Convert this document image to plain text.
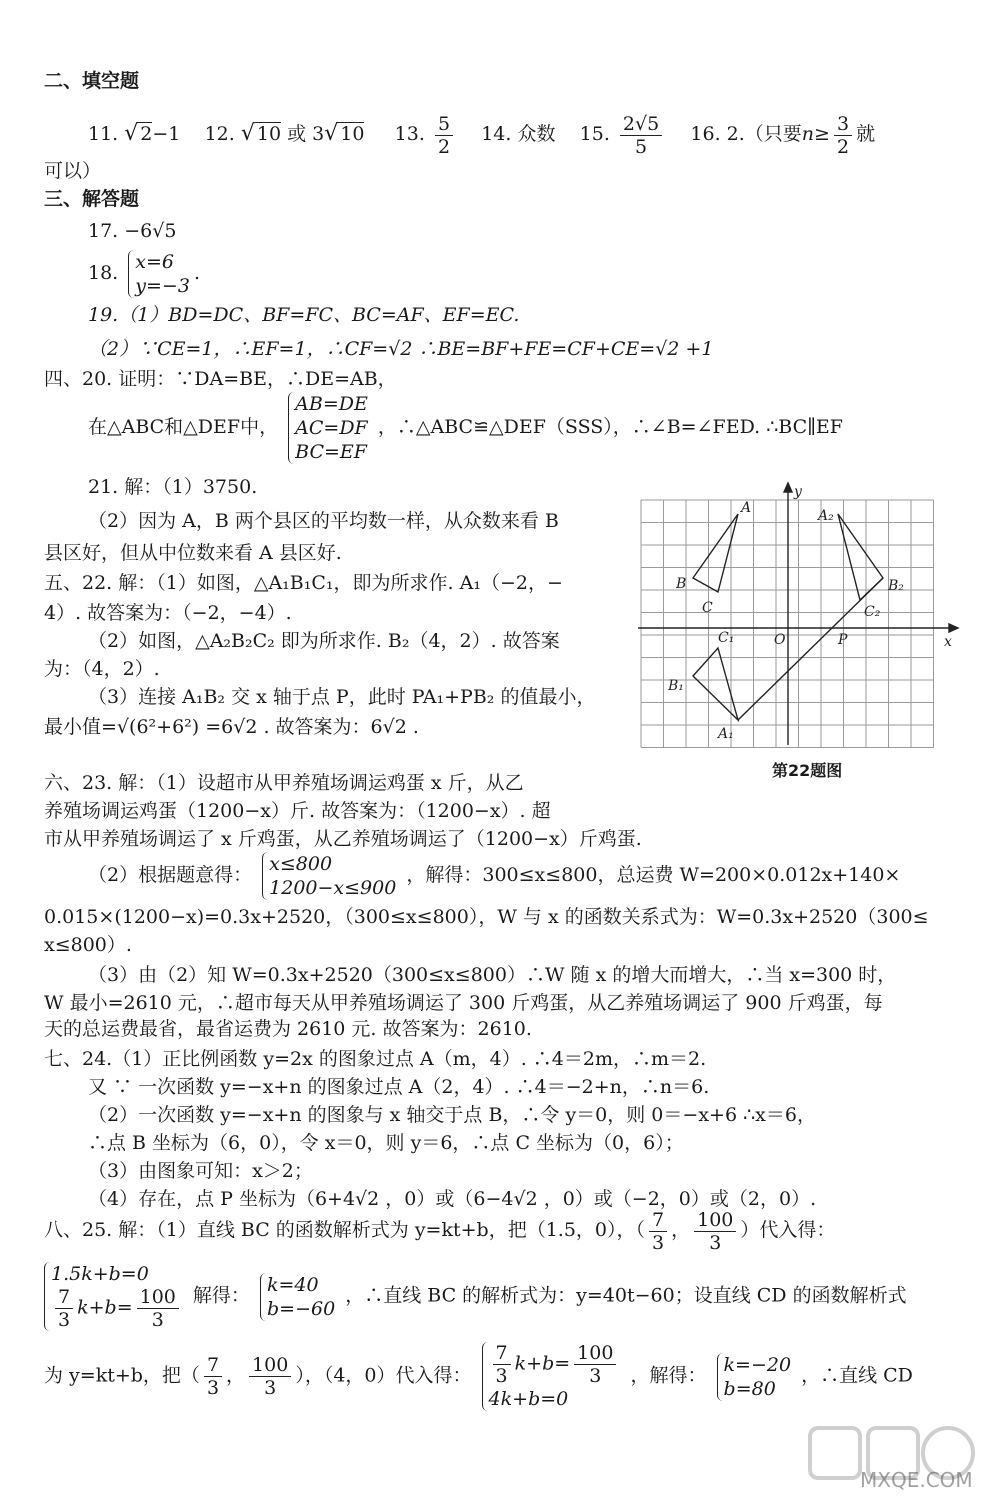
二、填空题
11. √ 2−1 12. √ 10 或 3√ 10 13. $\frac{5}{2} 14$. 众数 15. $\frac{2√5}{5} 16$. 2.（只要$n\ge \frac{3}{2}$ 就
可以）
三、解答题
17. −6√5
18. x=6
y=−3
.
19.（1）BD=DC、BF=FC、BC=AF、EF=EC.
（2）∵CE=1，∴EF=1，∴CF=√2 ∴BE=BF+FE=CF+CE=√2 +1
四、20. 证明：∵DA=BE，∴DE=AB，
在△ABC和△DEF中，
AB=DE
AC=DF
BC=EF
，∴△ABC≌△DEF（SSS），∴∠B=∠FED. ∴BC∥EF
21. 解：（1）3750.
（2）因为 A，B 两个县区的平均数一样，从众数来看 B
县区好，但从中位数来看 A 县区好.
五、22. 解：（1）如图，△A₁B₁C₁，即为所求作. A₁（−2，−
4）. 故答案为：（−2，−4）.
（2）如图，△A₂B₂C₂ 即为所求作. B₂（4，2）. 故答案
为：（4，2）.
（3）连接 A₁B₂ 交 x 轴于点 P，此时 PA₁+PB₂ 的值最小，
最小值=√(6²+6²) =6√2 . 故答案为：6√2 .
A
B
C
A₁
B₁
C₁
A₂
B₂
C₂
O	P	x
y
第22题图
六、23. 解：（1）设超市从甲养殖场调运鸡蛋 x 斤，从乙
养殖场调运鸡蛋（1200−x）斤. 故答案为：（1200−x）. 超
市从甲养殖场调运了 x 斤鸡蛋，从乙养殖场调运了（1200−x）斤鸡蛋.
（2）根据题意得： x≤800
1200−x≤900
，解得：300≤x≤800，总运费 W=200×0.012x+140×
0.015×(1200−x)=0.3x+2520，（300≤x≤800），W 与 x 的函数关系式为：W=0.3x+2520（300≤
x≤800）.
（3）由（2）知 W=0.3x+2520（300≤x≤800）∴W 随 x 的增大而增大，∴当 x=300 时，
W 最小=2610 元，∴超市每天从甲养殖场调运了 300 斤鸡蛋，从乙养殖场调运了 900 斤鸡蛋，每
天的总运费最省，最省运费为 2610 元. 故答案为：2610.
七、24.（1）正比例函数 y=2x 的图象过点 A（m，4）. ∴4＝2m，∴m＝2.
又 ∵ 一次函数 y=−x+n 的图象过点 A（2，4）. ∴4＝−2+n，∴n＝6.
（2）一次函数 y=−x+n 的图象与 x 轴交于点 B，∴令 y＝0，则 0＝−x+6 ∴x＝6，
∴点 B 坐标为（6，0），令 x＝0，则 y＝6，∴点 C 坐标为（0，6）；
（3）由图象可知：x＞2；
（4）存在，点 P 坐标为（6+4√2 ，0）或（6−4√2 ，0）或（−2，0）或（2，0）.
八、25. 解：（1）直线 BC 的函数解析式为 y=kt+b，把（1.5，0），（ $\frac{7}{3}$ ， $\frac{100}{3}$ ）代入得：
1.5k+b=0
$\frac{7}{3} k+b= \frac{100}{3}$ 解得： k=40
b=−60
，∴直线 BC 的解析式为：y=40t−60；设直线 CD 的函数解析式
为 y=kt+b，把（ $\frac{7}{3}$ ， $\frac{100}{3}$ ），（4，0）代入得： $\frac{7}{3} k+b= \frac{100}{3}$
4k+b=0
，解得： k=−20
b=80
，∴直线 CD
MXQE.COM
